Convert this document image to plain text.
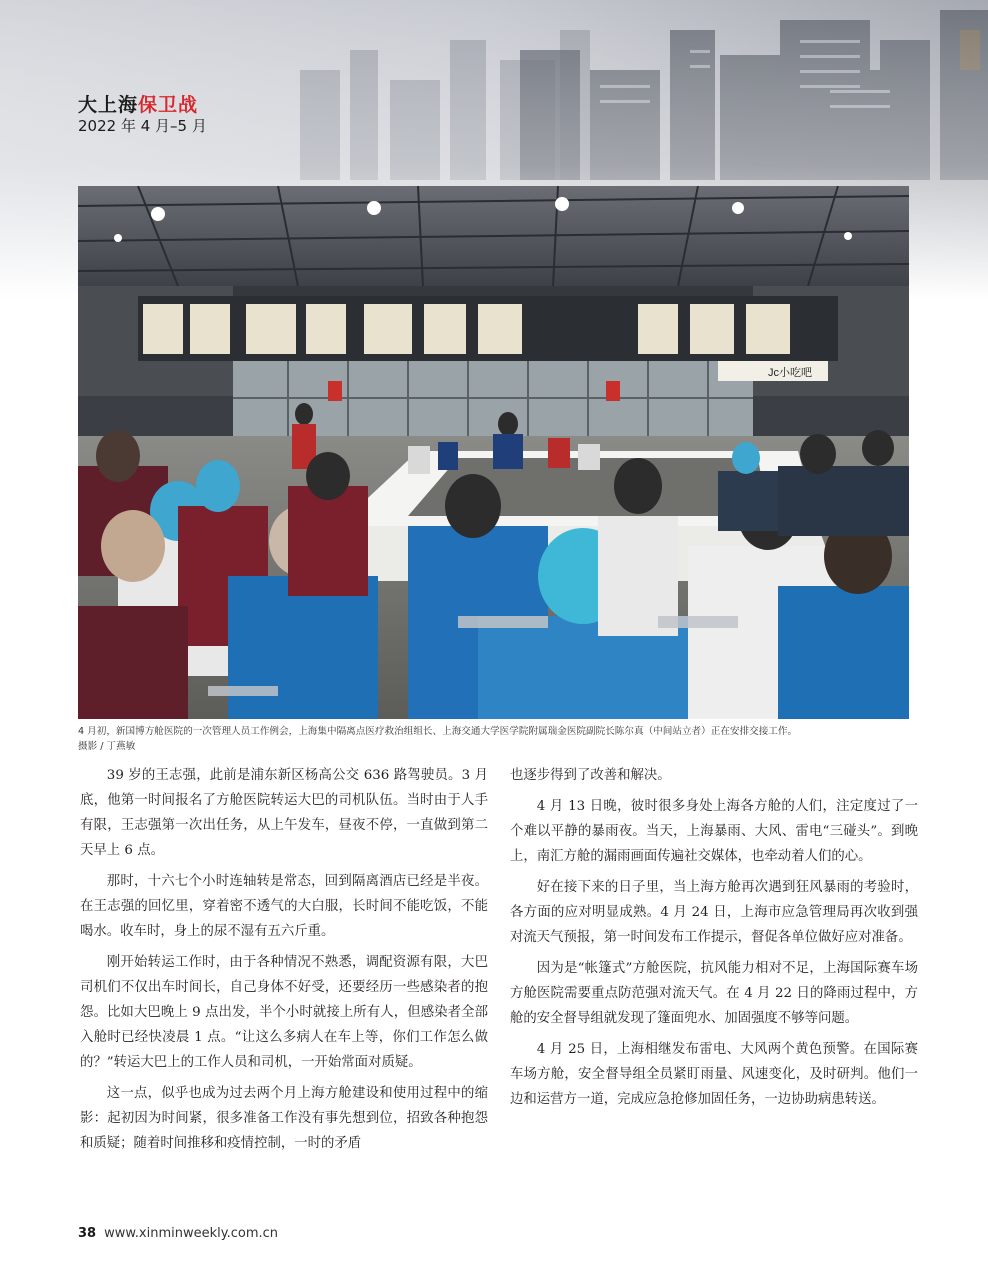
大上海保卫战
2022 年 4 月–5 月
Jc小吃吧
4 月初，新国博方舱医院的一次管理人员工作例会，上海集中隔离点医疗救治组组长、上海交通大学医学院附属瑞金医院副院长陈尔真（中间站立者）正在安排交接工作。
摄影 / 丁燕敏

39 岁的王志强，此前是浦东新区杨高公交 636 路驾驶员。3 月底，他第一时间报名了方舱医院转运大巴的司机队伍。当时由于人手有限，王志强第一次出任务，从上午发车，昼夜不停，一直做到第二天早上 6 点。

那时，十六七个小时连轴转是常态，回到隔离酒店已经是半夜。在王志强的回忆里，穿着密不透气的大白服，长时间不能吃饭，不能喝水。收车时，身上的尿不湿有五六斤重。

刚开始转运工作时，由于各种情况不熟悉，调配资源有限，大巴司机们不仅出车时间长，自己身体不好受，还要经历一些感染者的抱怨。比如大巴晚上 9 点出发，半个小时就接上所有人，但感染者全部入舱时已经快凌晨 1 点。“让这么多病人在车上等，你们工作怎么做的？”转运大巴上的工作人员和司机，一开始常面对质疑。

这一点，似乎也成为过去两个月上海方舱建设和使用过程中的缩影：起初因为时间紧，很多准备工作没有事先想到位，招致各种抱怨和质疑；随着时间推移和疫情控制，一时的矛盾

也逐步得到了改善和解决。

4 月 13 日晚，彼时很多身处上海各方舱的人们，注定度过了一个难以平静的暴雨夜。当天，上海暴雨、大风、雷电“三碰头”。到晚上，南汇方舱的漏雨画面传遍社交媒体，也牵动着人们的心。

好在接下来的日子里，当上海方舱再次遇到狂风暴雨的考验时，各方面的应对明显成熟。4 月 24 日，上海市应急管理局再次收到强对流天气预报，第一时间发布工作提示，督促各单位做好应对准备。

因为是“帐篷式”方舱医院，抗风能力相对不足，上海国际赛车场方舱医院需要重点防范强对流天气。在 4 月 22 日的降雨过程中，方舱的安全督导组就发现了篷面兜水、加固强度不够等问题。

4 月 25 日，上海相继发布雷电、大风两个黄色预警。在国际赛车场方舱，安全督导组全员紧盯雨量、风速变化，及时研判。他们一边和运营方一道，完成应急抢修加固任务，一边协助病患转送。

38 www.xinminweekly.com.cn
